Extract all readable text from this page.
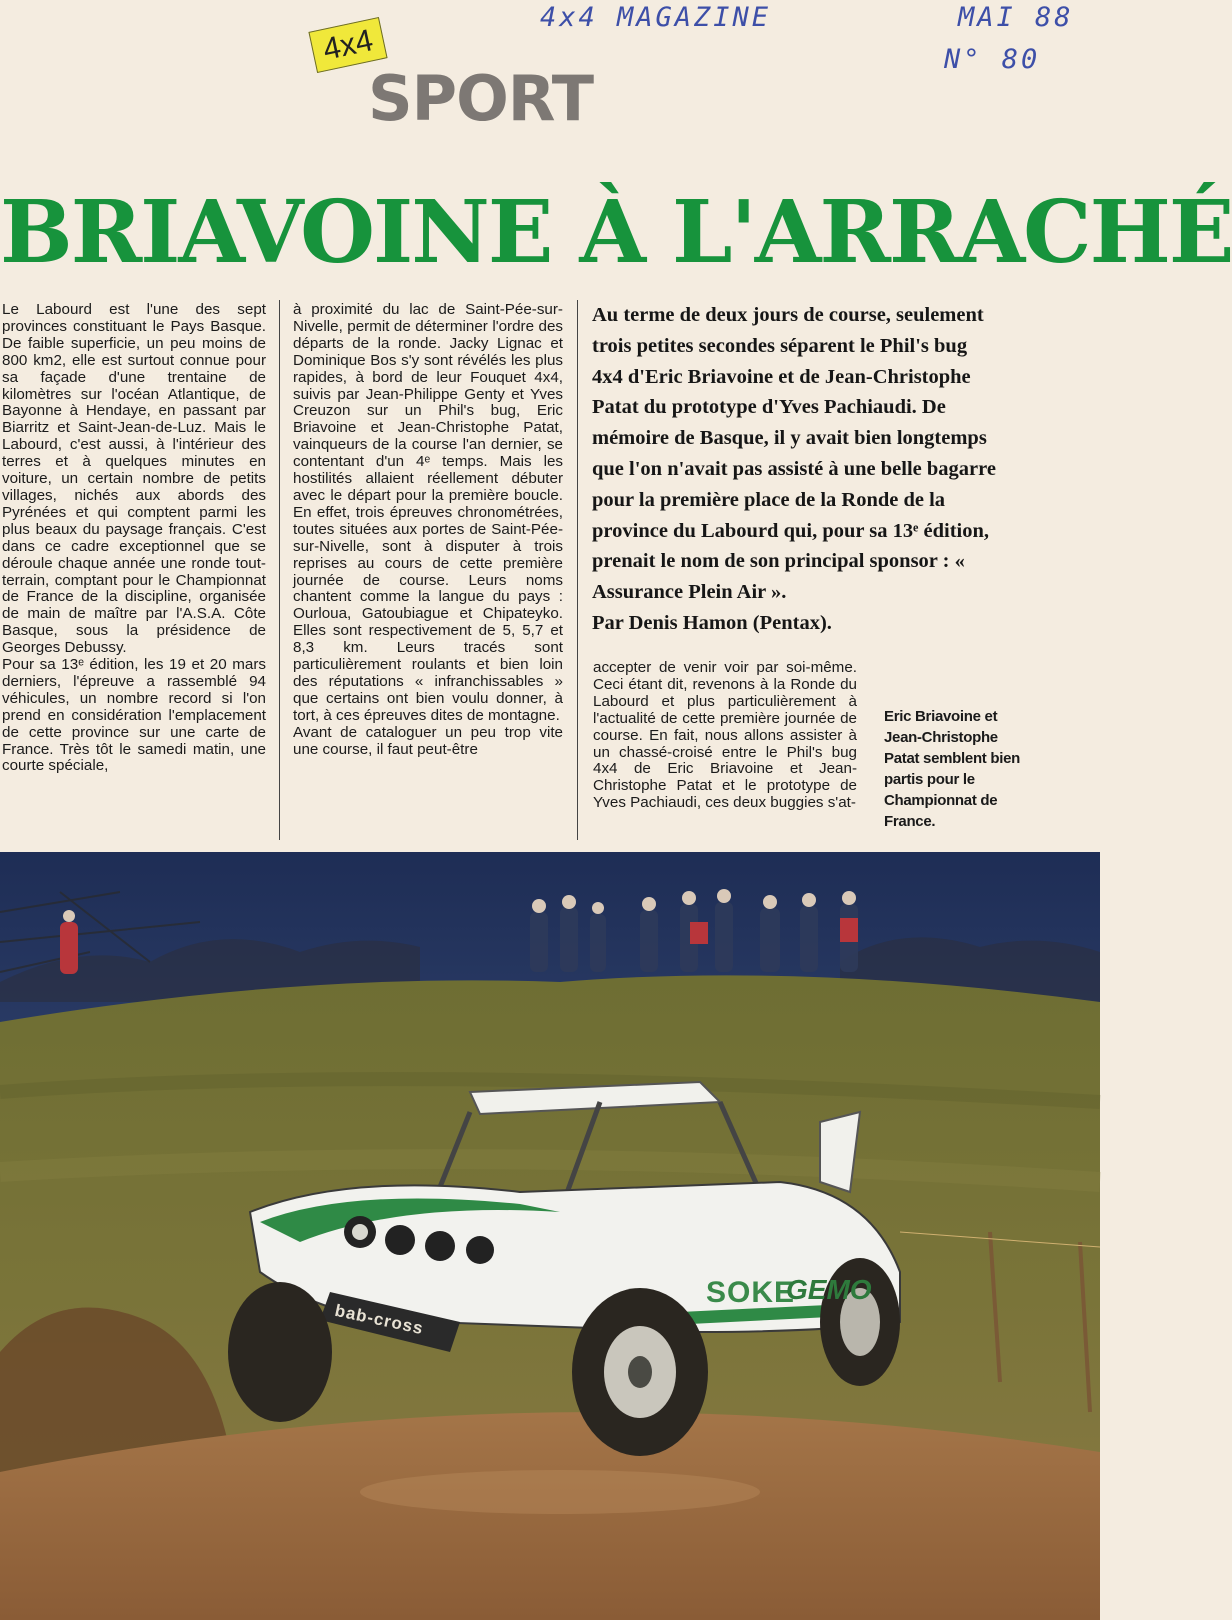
4x4 MAGAZINE	MAI 88
N° 80
4x4
SPORT
BRIAVOINE À L'ARRACHÉ
Le Labourd est l'une des sept provinces constituant le Pays Basque. De faible superficie, un peu moins de 800 km2, elle est surtout connue pour sa façade d'une trentaine de kilomètres sur l'océan Atlantique, de Bayonne à Hendaye, en passant par Biarritz et Saint-Jean-de-Luz. Mais le Labourd, c'est aussi, à l'intérieur des terres et à quelques minutes en voiture, un certain nombre de petits villages, nichés aux abords des Pyrénées et qui comptent parmi les plus beaux du paysage français. C'est dans ce cadre exceptionnel que se déroule chaque année une ronde tout-terrain, comptant pour le Championnat de France de la discipline, organisée de main de maître par l'A.S.A. Côte Basque, sous la présidence de Georges Debussy.
Pour sa 13ᵉ édition, les 19 et 20 mars derniers, l'épreuve a rassemblé 94 véhicules, un nombre record si l'on prend en considération l'emplacement de cette province sur une carte de France. Très tôt le samedi matin, une courte spéciale,
à proximité du lac de Saint-Pée-sur-Nivelle, permit de déterminer l'ordre des départs de la ronde. Jacky Lignac et Dominique Bos s'y sont révélés les plus rapides, à bord de leur Fouquet 4x4, suivis par Jean-Philippe Genty et Yves Creuzon sur un Phil's bug, Eric Briavoine et Jean-Christophe Patat, vainqueurs de la course l'an dernier, se contentant d'un 4ᵉ temps. Mais les hostilités allaient réellement débuter avec le départ pour la première boucle. En effet, trois épreuves chronométrées, toutes situées aux portes de Saint-Pée-sur-Nivelle, sont à disputer à trois reprises au cours de cette première journée de course. Leurs noms chantent comme la langue du pays : Ourloua, Gatoubiague et Chipateyko. Elles sont respectivement de 5, 5,7 et 8,3 km. Leurs tracés sont particulièrement roulants et bien loin des réputations « infranchissables » que certains ont bien voulu donner, à tort, à ces épreuves dites de montagne.
Avant de cataloguer un peu trop vite une course, il faut peut-être
Au terme de deux jours de course, seulement trois petites secondes séparent le Phil's bug 4x4 d'Eric Briavoine et de Jean-Christophe Patat du prototype d'Yves Pachiaudi. De mémoire de Basque, il y avait bien longtemps que l'on n'avait pas assisté à une belle bagarre pour la première place de la Ronde de la province du Labourd qui, pour sa 13ᵉ édition, prenait le nom de son principal sponsor : « Assurance Plein Air ».
Par Denis Hamon (Pentax).
accepter de venir voir par soi-même. Ceci étant dit, revenons à la Ronde du Labourd et plus particulièrement à l'actualité de cette première journée de course. En fait, nous allons assister à un chassé-croisé entre le Phil's bug 4x4 de Eric Briavoine et Jean-Christophe Patat et le prototype de Yves Pachiaudi, ces deux buggies s'at-
Eric Briavoine et Jean-Christophe Patat semblent bien partis pour le Championnat de France.
SOKE
GEMO
bab-cross
